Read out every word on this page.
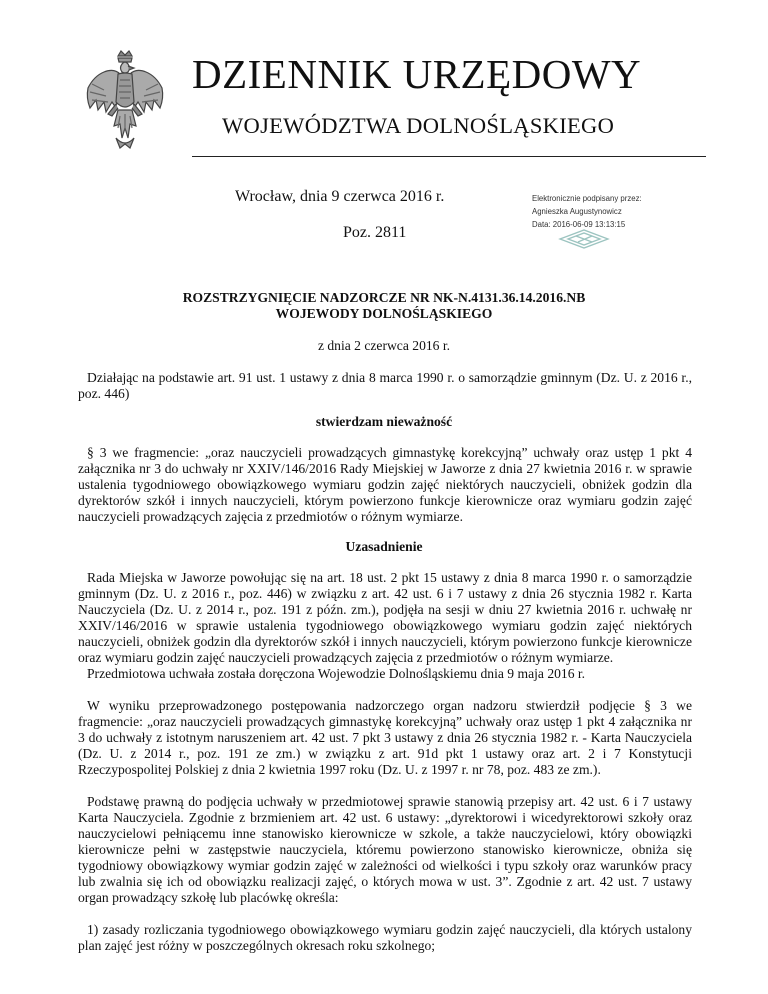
DZIENNIK URZĘDOWY
WOJEWÓDZTWA DOLNOŚLĄSKIEGO
Wrocław, dnia 9 czerwca 2016 r.
Poz. 2811
Elektronicznie podpisany przez:
Agnieszka Augustynowicz
Data: 2016-06-09 13:13:15
ROZSTRZYGNIĘCIE NADZORCZE NR NK-N.4131.36.14.2016.NB
WOJEWODY DOLNOŚLĄSKIEGO
z dnia 2 czerwca 2016 r.
Działając na podstawie art. 91 ust. 1 ustawy z dnia 8 marca 1990 r. o samorządzie gminnym (Dz. U. z 2016 r., poz. 446)
stwierdzam nieważność
§ 3 we fragmencie: „oraz nauczycieli prowadzących gimnastykę korekcyjną” uchwały oraz ustęp 1 pkt 4 załącznika nr 3 do uchwały nr XXIV/146/2016 Rady Miejskiej w Jaworze z dnia 27 kwietnia 2016 r. w sprawie ustalenia tygodniowego obowiązkowego wymiaru godzin zajęć niektórych nauczycieli, obniżek godzin dla dyrektorów szkół i innych nauczycieli, którym powierzono funkcje kierownicze oraz wymiaru godzin zajęć nauczycieli prowadzących zajęcia z przedmiotów o różnym wymiarze.
Uzasadnienie
Rada Miejska w Jaworze powołując się na art. 18 ust. 2 pkt 15 ustawy z dnia 8 marca 1990 r. o samorządzie gminnym (Dz. U. z 2016 r., poz. 446) w związku z art. 42 ust. 6 i 7 ustawy z dnia 26 stycznia 1982 r. Karta Nauczyciela (Dz. U. z 2014 r., poz. 191 z późn. zm.), podjęła na sesji w dniu 27 kwietnia 2016 r. uchwałę nr XXIV/146/2016 w sprawie ustalenia tygodniowego obowiązkowego wymiaru godzin zajęć niektórych nauczycieli, obniżek godzin dla dyrektorów szkół i innych nauczycieli, którym powierzono funkcje kierownicze oraz wymiaru godzin zajęć nauczycieli prowadzących zajęcia z przedmiotów o różnym wymiarze.
Przedmiotowa uchwała została doręczona Wojewodzie Dolnośląskiemu dnia 9 maja 2016 r.
W wyniku przeprowadzonego postępowania nadzorczego organ nadzoru stwierdził podjęcie § 3 we fragmencie: „oraz nauczycieli prowadzących gimnastykę korekcyjną” uchwały oraz ustęp 1 pkt 4 załącznika nr 3 do uchwały z istotnym naruszeniem art. 42 ust. 7 pkt 3 ustawy z dnia 26 stycznia 1982 r. - Karta Nauczyciela (Dz. U. z 2014 r., poz. 191 ze zm.) w związku z art. 91d pkt 1 ustawy oraz art. 2 i 7 Konstytucji Rzeczypospolitej Polskiej z dnia 2 kwietnia 1997 roku (Dz. U. z 1997 r. nr 78, poz. 483 ze zm.).
Podstawę prawną do podjęcia uchwały w przedmiotowej sprawie stanowią przepisy art. 42 ust. 6 i 7 ustawy Karta Nauczyciela. Zgodnie z brzmieniem art. 42 ust. 6 ustawy: „dyrektorowi i wicedyrektorowi szkoły oraz nauczycielowi pełniącemu inne stanowisko kierownicze w szkole, a także nauczycielowi, który obowiązki kierownicze pełni w zastępstwie nauczyciela, któremu powierzono stanowisko kierownicze, obniża się tygodniowy obowiązkowy wymiar godzin zajęć w zależności od wielkości i typu szkoły oraz warunków pracy lub zwalnia się ich od obowiązku realizacji zajęć, o których mowa w ust. 3”. Zgodnie z art. 42 ust. 7 ustawy organ prowadzący szkołę lub placówkę określa:
1) zasady rozliczania tygodniowego obowiązkowego wymiaru godzin zajęć nauczycieli, dla których ustalony plan zajęć jest różny w poszczególnych okresach roku szkolnego;
